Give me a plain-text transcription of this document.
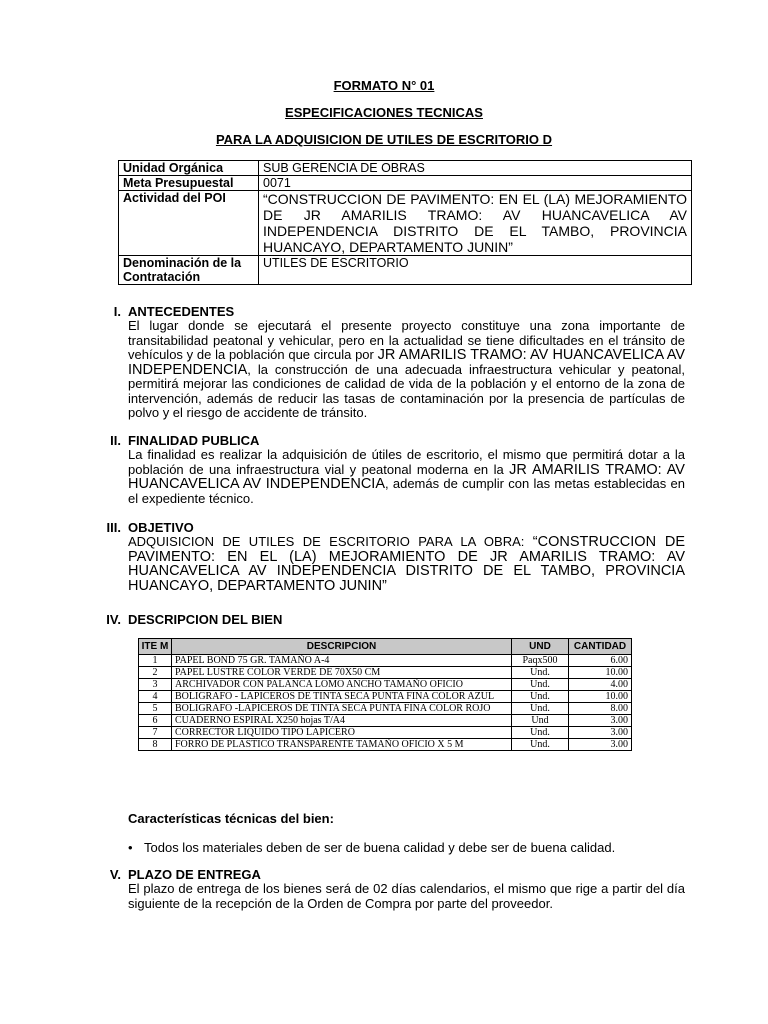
FORMATO N° 01
ESPECIFICACIONES TECNICAS
PARA LA ADQUISICION DE UTILES DE ESCRITORIO D
Unidad Orgánica	SUB GERENCIA DE OBRAS
Meta Presupuestal	0071
Actividad del POI	“CONSTRUCCION DE PAVIMENTO: EN EL (LA) MEJORAMIENTO DE JR AMARILIS TRAMO: AV HUANCAVELICA AV INDEPENDENCIA DISTRITO DE EL TAMBO, PROVINCIA HUANCAYO, DEPARTAMENTO JUNIN”
Denominación de la Contratación	UTILES DE ESCRITORIO
I. ANTECEDENTES
El lugar donde se ejecutará el presente proyecto constituye una zona importante de transitabilidad peatonal y vehicular, pero en la actualidad se tiene dificultades en el tránsito de vehículos y de la población que circula por JR AMARILIS TRAMO: AV HUANCAVELICA AV INDEPENDENCIA, la construcción de una adecuada infraestructura vehicular y peatonal, permitirá mejorar las condiciones de calidad de vida de la población y el entorno de la zona de intervención, además de reducir las tasas de contaminación por la presencia de partículas de polvo y el riesgo de accidente de tránsito.
II. FINALIDAD PUBLICA
La finalidad es realizar la adquisición de útiles de escritorio, el mismo que permitirá dotar a la población de una infraestructura vial y peatonal moderna en la JR AMARILIS TRAMO: AV HUANCAVELICA AV INDEPENDENCIA, además de cumplir con las metas establecidas en el expediente técnico.
III. OBJETIVO
ADQUISICION DE UTILES DE ESCRITORIO PARA LA OBRA: “CONSTRUCCION DE PAVIMENTO: EN EL (LA) MEJORAMIENTO DE JR AMARILIS TRAMO: AV HUANCAVELICA AV INDEPENDENCIA DISTRITO DE EL TAMBO, PROVINCIA HUANCAYO, DEPARTAMENTO JUNIN”
IV. DESCRIPCION DEL BIEN
ITE M	DESCRIPCION	UND	CANTIDAD
1	PAPEL BOND 75 GR. TAMAÑO A-4	Paqx500	6.00
2	PAPEL LUSTRE COLOR VERDE DE 70X50 CM	Und.	10.00
3	ARCHIVADOR CON PALANCA LOMO ANCHO TAMAÑO OFICIO	Und.	4.00
4	BOLIGRAFO - LAPICEROS DE TINTA SECA PUNTA FINA COLOR AZUL	Und.	10.00
5	BOLIGRAFO -LAPICEROS DE TINTA SECA PUNTA FINA COLOR ROJO	Und.	8.00
6	CUADERNO ESPIRAL X250 hojas T/A4	Und	3.00
7	CORRECTOR LIQUIDO TIPO LAPICERO	Und.	3.00
8	FORRO DE PLASTICO TRANSPARENTE TAMAÑO OFICIO X 5 M	Und.	3.00
Características técnicas del bien:
• Todos los materiales deben de ser de buena calidad y debe ser de buena calidad.
V. PLAZO DE ENTREGA
El plazo de entrega de los bienes será de 02 días calendarios, el mismo que rige a partir del día siguiente de la recepción de la Orden de Compra por parte del proveedor.
